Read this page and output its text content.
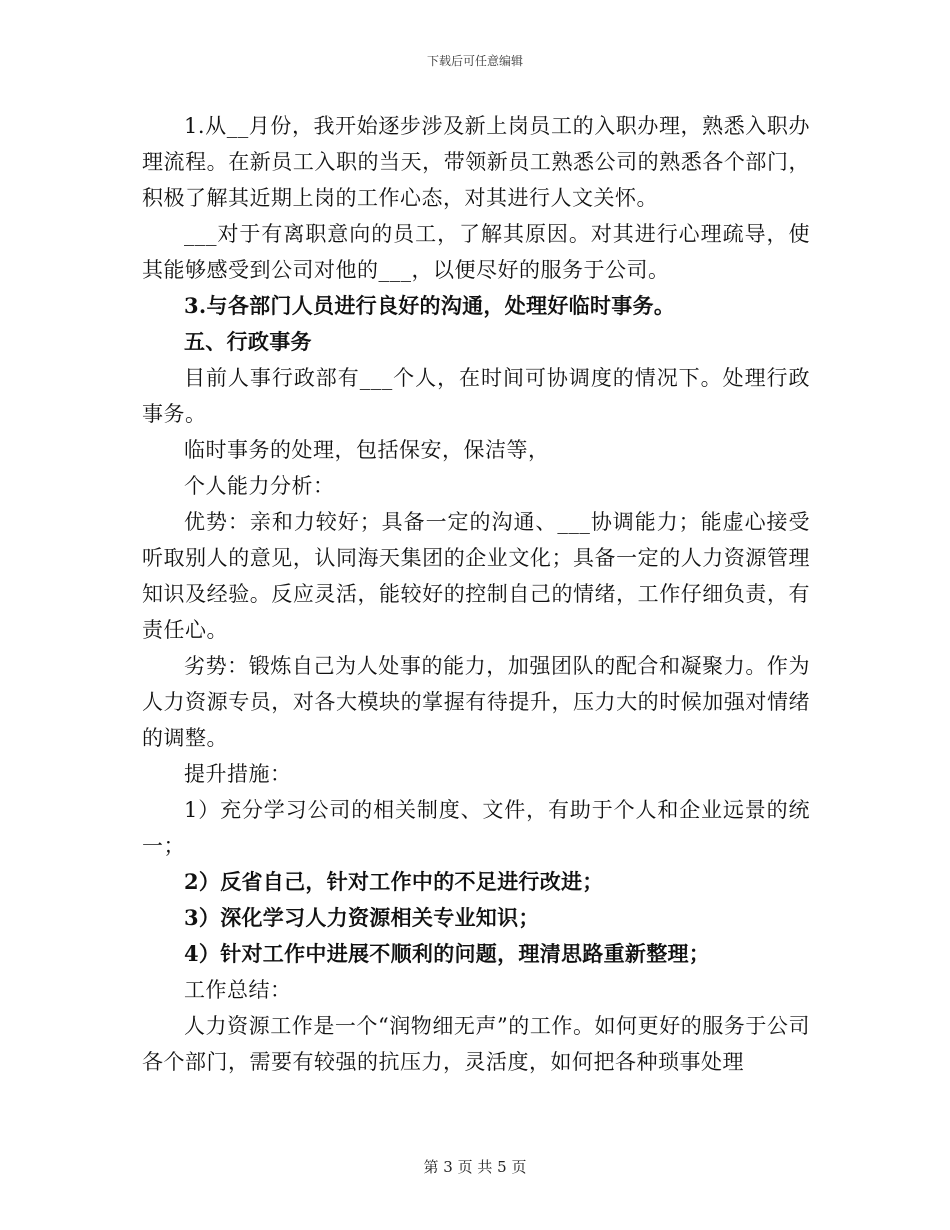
下载后可任意编辑

1.从__月份，我开始逐步涉及新上岗员工的入职办理，熟悉入职办理流程。在新员工入职的当天，带领新员工熟悉公司的熟悉各个部门，积极了解其近期上岗的工作心态，对其进行人文关怀。

___对于有离职意向的员工，了解其原因。对其进行心理疏导，使其能够感受到公司对他的___，以便尽好的服务于公司。

3.与各部门人员进行良好的沟通，处理好临时事务。

五、行政事务

目前人事行政部有___个人，在时间可协调度的情况下。处理行政事务。

临时事务的处理，包括保安，保洁等，

个人能力分析：

优势：亲和力较好；具备一定的沟通、___协调能力；能虚心接受听取别人的意见，认同海天集团的企业文化；具备一定的人力资源管理知识及经验。反应灵活，能较好的控制自己的情绪，工作仔细负责，有责任心。

劣势：锻炼自己为人处事的能力，加强团队的配合和凝聚力。作为人力资源专员，对各大模块的掌握有待提升，压力大的时候加强对情绪的调整。

提升措施：

1）充分学习公司的相关制度、文件，有助于个人和企业远景的统一；

2）反省自己，针对工作中的不足进行改进；

3）深化学习人力资源相关专业知识；

4）针对工作中进展不顺利的问题，理清思路重新整理；

工作总结：

人力资源工作是一个“润物细无声”的工作。如何更好的服务于公司各个部门，需要有较强的抗压力，灵活度，如何把各种琐事处理

第 3 页 共 5 页
